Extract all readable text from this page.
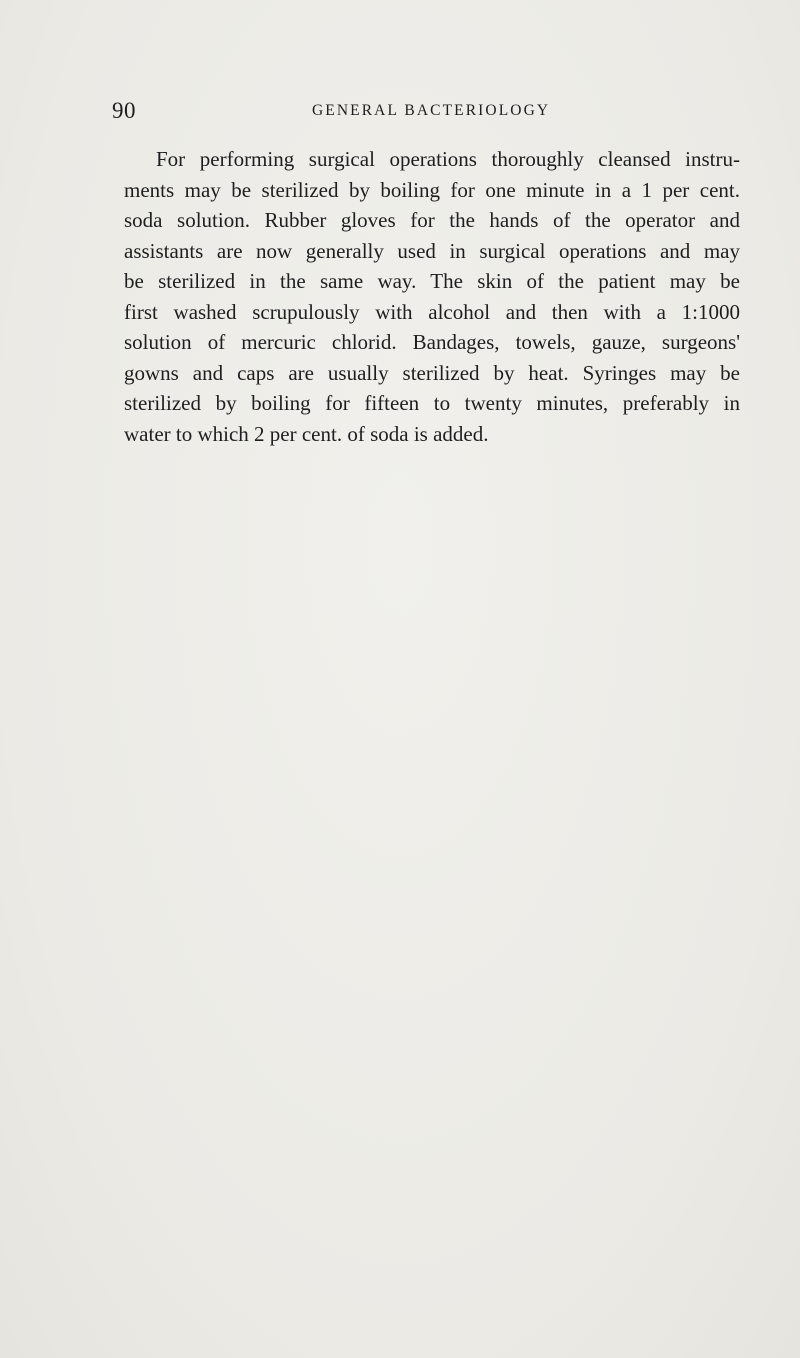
90	GENERAL BACTERIOLOGY
For performing surgical operations thoroughly cleansed instru-
ments may be sterilized by boiling for one minute in a 1 per cent.
soda solution. Rubber gloves for the hands of the operator and
assistants are now generally used in surgical operations and may
be sterilized in the same way. The skin of the patient may be
first washed scrupulously with alcohol and then with a 1:1000
solution of mercuric chlorid. Bandages, towels, gauze, surgeons'
gowns and caps are usually sterilized by heat. Syringes may be
sterilized by boiling for fifteen to twenty minutes, preferably in
water to which 2 per cent. of soda is added.
